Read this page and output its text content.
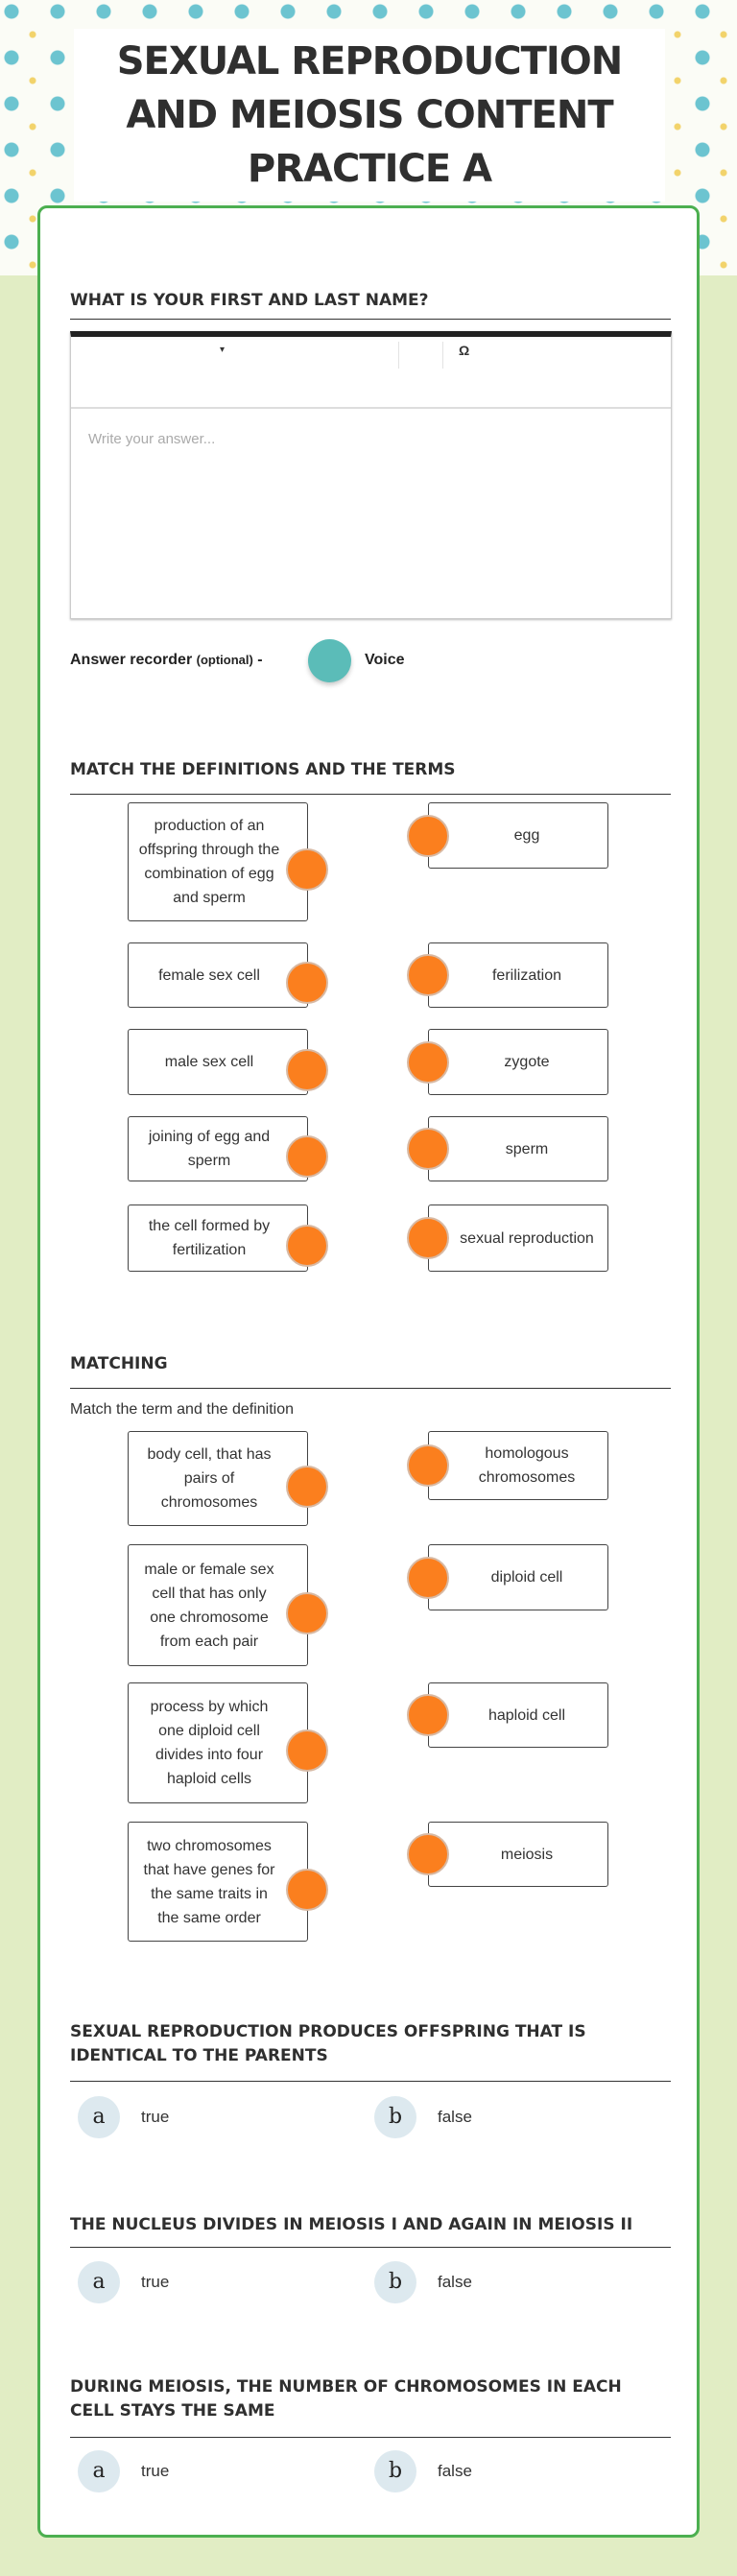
SEXUAL REPRODUCTION AND MEIOSIS CONTENT PRACTICE A
WHAT IS YOUR FIRST AND LAST NAME?
▾	Ω
Write your answer...
Answer recorder (optional) -	Voice
MATCH THE DEFINITIONS AND THE TERMS
MATCHING
Match the term and the definition
production of an offspring through the combination of egg and sperm
female sex cell
male sex cell
joining of egg and sperm
the cell formed by fertilization
egg
ferilization
zygote
sperm
sexual reproduction
body cell, that has pairs of chromosomes
male or female sex cell that has only one chromosome from each pair
process by which one diploid cell divides into four haploid cells
two chromosomes that have genes for the same traits in the same order
homologous chromosomes
diploid cell
haploid cell
meiosis
SEXUAL REPRODUCTION PRODUCES OFFSPRING THAT IS IDENTICAL TO THE PARENTS
a	true	b	false
THE NUCLEUS DIVIDES IN MEIOSIS I AND AGAIN IN MEIOSIS II
a	true	b	false
DURING MEIOSIS, THE NUMBER OF CHROMOSOMES IN EACH CELL STAYS THE SAME
a	true	b	false
